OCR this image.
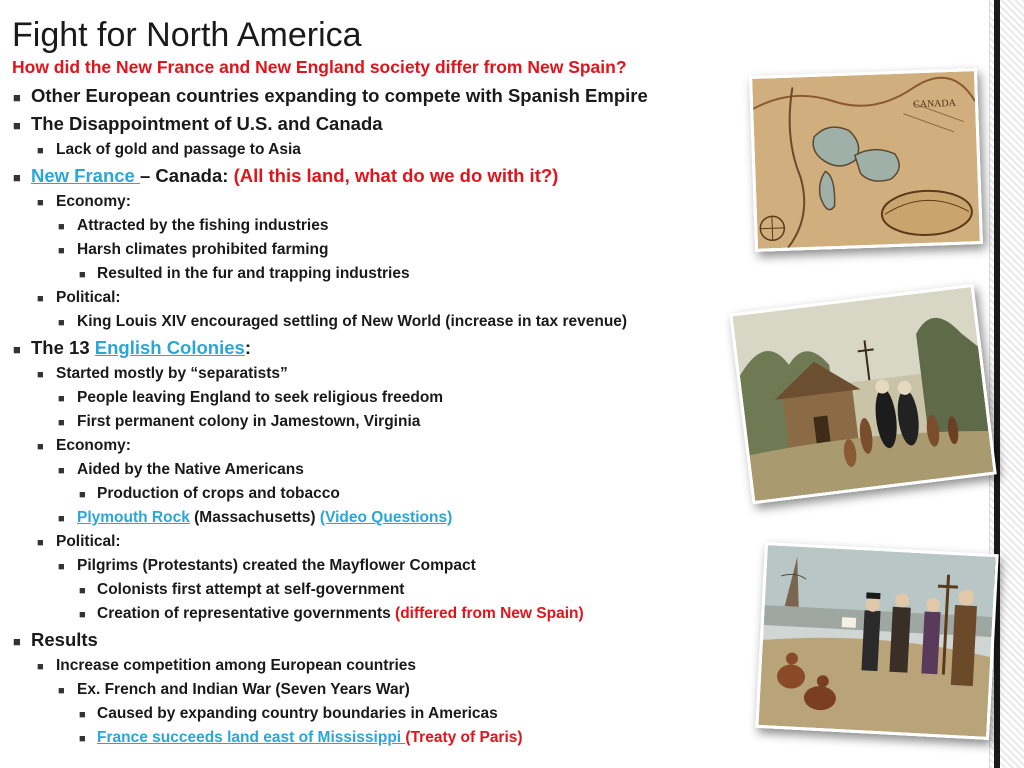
Fight for North America
How did the New France and New England society differ from New Spain?
■ Other European countries expanding to compete with Spanish Empire
■ The Disappointment of U.S. and Canada
■ Lack of gold and passage to Asia
■ New France – Canada: (All this land, what do we do with it?)
■ Economy:
■ Attracted by the fishing industries
■ Harsh climates prohibited farming
■ Resulted in the fur and trapping industries
■ Political:
■ King Louis XIV encouraged settling of New World (increase in tax revenue)
■ The 13 English Colonies:
■ Started mostly by “separatists”
■ People leaving England to seek religious freedom
■ First permanent colony in Jamestown, Virginia
■ Economy:
■ Aided by the Native Americans
■ Production of crops and tobacco
■ Plymouth Rock (Massachusetts) (Video Questions)
■ Political:
■ Pilgrims (Protestants) created the Mayflower Compact
■ Colonists first attempt at self-government
■ Creation of representative governments (differed from New Spain)
■ Results
■ Increase competition among European countries
■ Ex. French and Indian War (Seven Years War)
■ Caused by expanding country boundaries in Americas
■ France succeeds land east of Mississippi (Treaty of Paris)
CANADA
